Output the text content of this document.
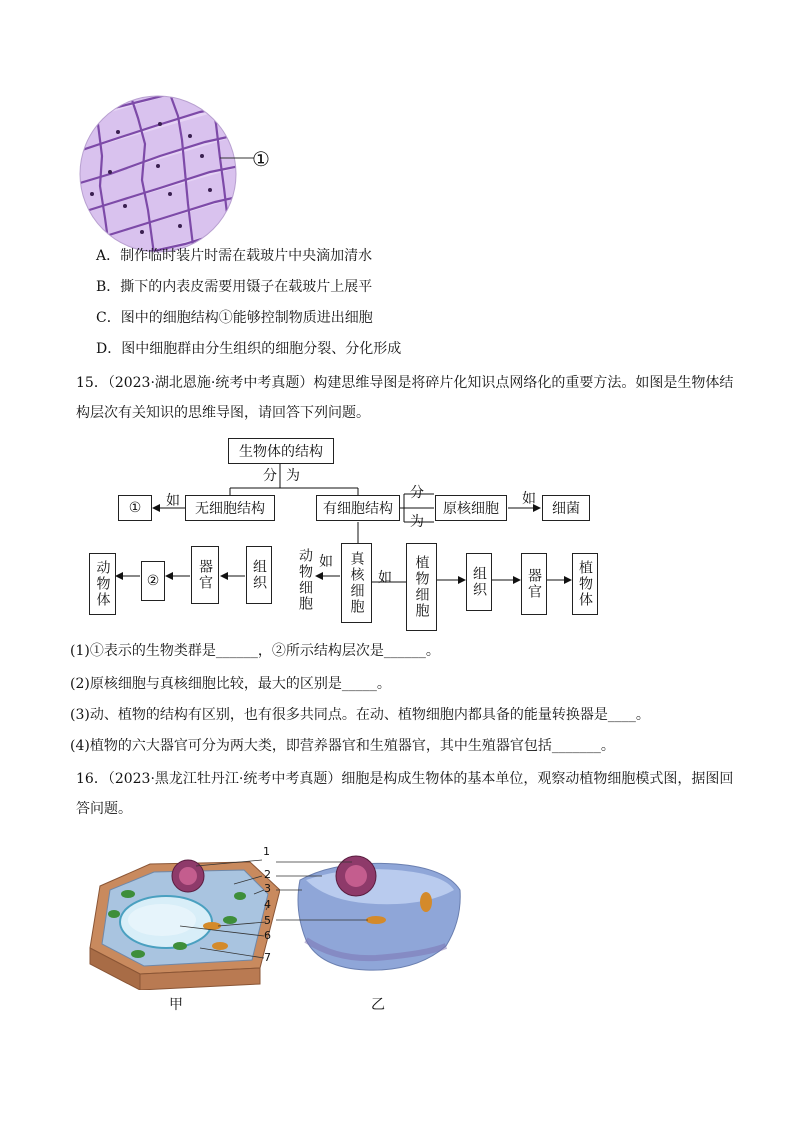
①
A．制作临时装片时需在载玻片中央滴加清水
B．撕下的内表皮需要用镊子在载玻片上展平
C．图中的细胞结构①能够控制物质进出细胞
D．图中细胞群由分生组织的细胞分裂、分化形成
15．（2023·湖北恩施·统考中考真题）构建思维导图是将碎片化知识点网络化的重要方法。如图是生物体结
构层次有关知识的思维导图，请回答下列问题。
生物体的结构
分 为
①	如	无细胞结构	有细胞结构
分
为
原核细胞
如
细菌
真核细胞
动物细胞 如
如	植物细胞	组织	器官	植物体
组织
器官
②
动物体
(1)①表示的生物类群是______，②所示结构层次是______。
(2)原核细胞与真核细胞比较，最大的区别是_____。
(3)动、植物的结构有区别，也有很多共同点。在动、植物细胞内都具备的能量转换器是____。
(4)植物的六大器官可分为两大类，即营养器官和生殖器官，其中生殖器官包括_______。
16．（2023·黑龙江牡丹江·统考中考真题）细胞是构成生物体的基本单位，观察动植物细胞模式图，据图回
答问题。
1
2
3
4
5
6
7
甲	乙
